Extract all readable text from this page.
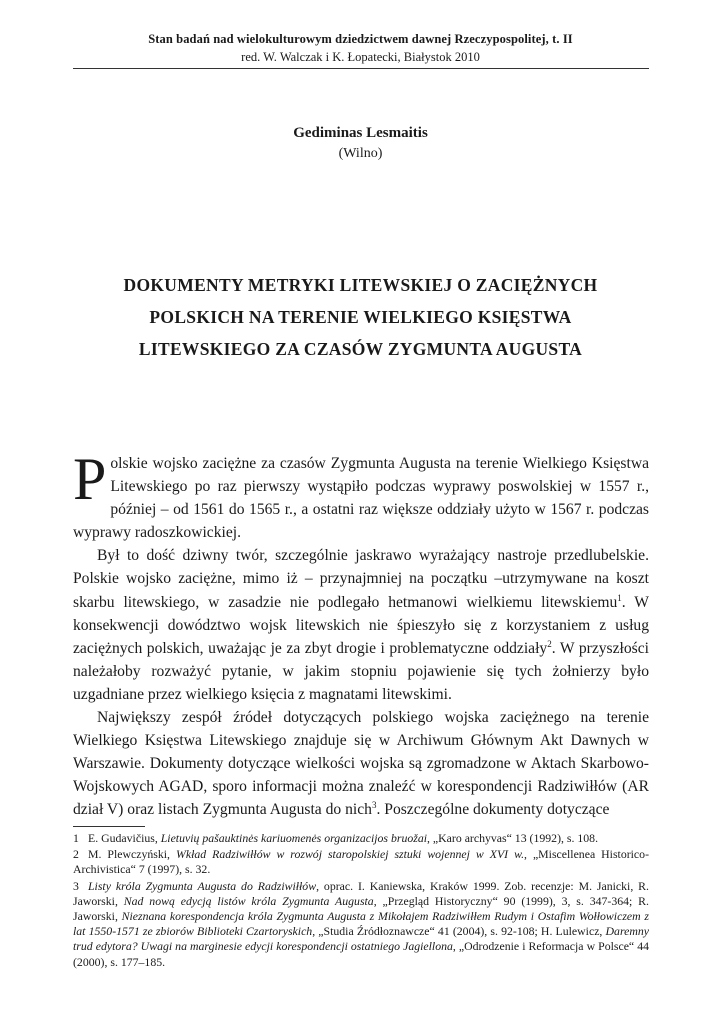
Stan badań nad wielokulturowym dziedzictwem dawnej Rzeczypospolitej, t. II
red. W. Walczak i K. Łopatecki, Białystok 2010
Gediminas Lesmaitis
(Wilno)
DOKUMENTY METRYKI LITEWSKIEJ O ZACIĘŻNYCH
POLSKICH NA TERENIE WIELKIEGO KSIĘSTWA
LITEWSKIEGO ZA CZASÓW ZYGMUNTA AUGUSTA

Polskie wojsko zaciężne za czasów Zygmunta Augusta na terenie Wielkiego Księstwa Litewskiego po raz pierwszy wystąpiło podczas wyprawy poswolskiej w 1557 r., później – od 1561 do 1565 r., a ostatni raz większe oddziały użyto w 1567 r. podczas wyprawy radoszkowickiej.

Był to dość dziwny twór, szczególnie jaskrawo wyrażający nastroje przedlubelskie. Polskie wojsko zaciężne, mimo iż – przynajmniej na początku –utrzymywane na koszt skarbu litewskiego, w zasadzie nie podlegało hetmanowi wielkiemu litewskiemu$^1$. W konsekwencji dowództwo wojsk litewskich nie śpieszyło się z korzystaniem z usług zaciężnych polskich, uważając je za zbyt drogie i problematyczne oddziały$^2$. W przyszłości należałoby rozważyć pytanie, w jakim stopniu pojawienie się tych żołnierzy było uzgadniane przez wielkiego księcia z magnatami litewskimi.

Największy zespół źródeł dotyczących polskiego wojska zaciężnego na terenie Wielkiego Księstwa Litewskiego znajduje się w Archiwum Głównym Akt Dawnych w Warszawie. Dokumenty dotyczące wielkości wojska są zgromadzone w Aktach Skarbowo-Wojskowych AGAD, sporo informacji można znaleźć w korespondencji Radziwiłłów (AR dział V) oraz listach Zygmunta Augusta do nich$^3$. Poszczególne dokumenty dotyczące

1 E. Gudavičius, Lietuvių pašauktinės kariuomenės organizacijos bruožai, „Karo archyvas“ 13 (1992), s. 108.
2 M. Plewczyński, Wkład Radziwiłłów w rozwój staropolskiej sztuki wojennej w XVI w., „Miscellenea Historico-Archivistica“ 7 (1997), s. 32.
3 Listy króla Zygmunta Augusta do Radziwiłłów, oprac. I. Kaniewska, Kraków 1999. Zob. recenzje: M. Janicki, R. Jaworski, Nad nową edycją listów króla Zygmunta Augusta, „Przegląd Historyczny“ 90 (1999), 3, s. 347-364; R. Jaworski, Nieznana korespondencja króla Zygmunta Augusta z Mikołajem Radziwiłłem Rudym i Ostafim Wołłowiczem z lat 1550-1571 ze zbiorów Biblioteki Czartoryskich, „Studia Źródłoznawcze“ 41 (2004), s. 92-108; H. Lulewicz, Daremny trud edytora? Uwagi na marginesie edycji korespondencji ostatniego Jagiellona, „Odrodzenie i Reformacja w Polsce“ 44 (2000), s. 177–185.
